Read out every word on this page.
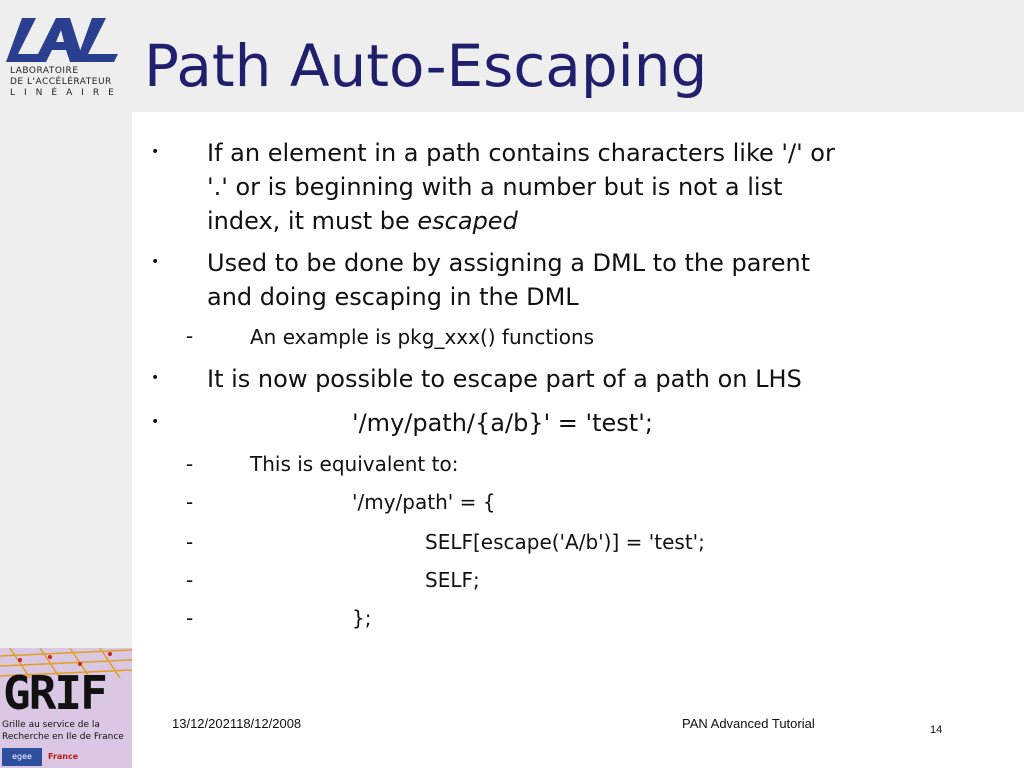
LABORATOIRE
DE L'ACCÉLÉRATEUR
LINÉAIRE Path Auto-Escaping
• If an element in a path contains characters like '/' or

'.' or is beginning with a number but is not a list

index, it must be escaped

• Used to be done by assigning a DML to the parent

and doing escaping in the DML

-	An example is pkg_xxx() functions
• It is now possible to escape part of a path on LHS

•	'/my/path/{a/b}' = 'test';

-	This is equivalent to:
-	'/my/path' = {
-	SELF[escape('A/b')] = 'test';
-	SELF;
-	};
GRIF
Grille au service de la
Recherche en Ile de France
egee	France
13/12/202118/12/2008	PAN Advanced Tutorial	14
